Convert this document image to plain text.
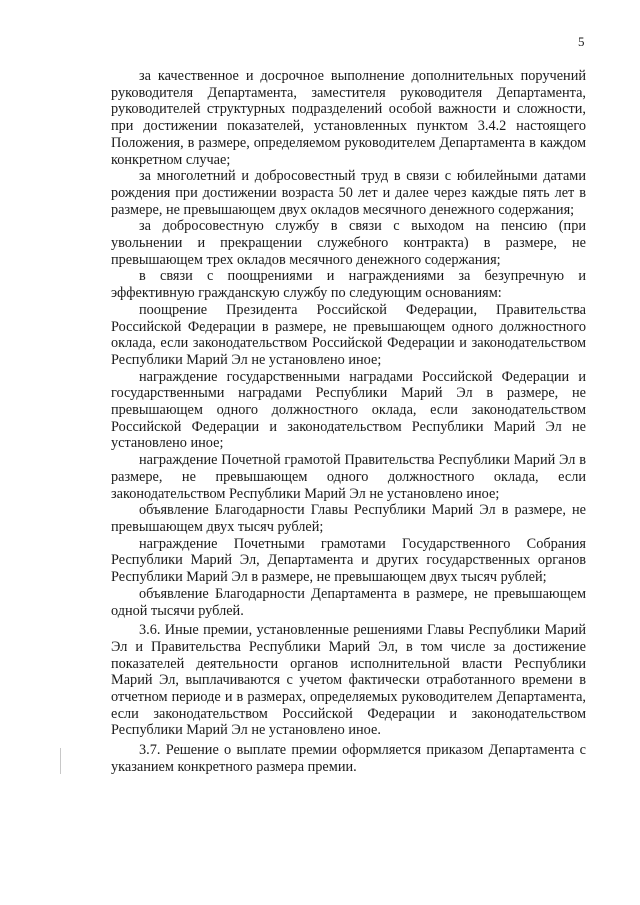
5

за качественное и досрочное выполнение дополнительных поручений руководителя Департамента, заместителя руководителя Департамента, руководителей структурных подразделений особой важности и сложности, при достижении показателей, установленных пунктом 3.4.2 настоящего Положения, в размере, определяемом руководителем Департамента в каждом конкретном случае;

за многолетний и добросовестный труд в связи с юбилейными датами рождения при достижении возраста 50 лет и далее через каждые пять лет в размере, не превышающем двух окладов месячного денежного содержания;

за добросовестную службу в связи с выходом на пенсию (при увольнении и прекращении служебного контракта) в размере, не превышающем трех окладов месячного денежного содержания;

в связи с поощрениями и награждениями за безупречную и эффективную гражданскую службу по следующим основаниям:

поощрение Президента Российской Федерации, Правительства Российской Федерации в размере, не превышающем одного должностного оклада, если законодательством Российской Федерации и законодательством Республики Марий Эл не установлено иное;

награждение государственными наградами Российской Федерации и государственными наградами Республики Марий Эл в размере, не превышающем одного должностного оклада, если законодательством Российской Федерации и законодательством Республики Марий Эл не установлено иное;

награждение Почетной грамотой Правительства Республики Марий Эл в размере, не превышающем одного должностного оклада, если законодательством Республики Марий Эл не установлено иное;

объявление Благодарности Главы Республики Марий Эл в размере, не превышающем двух тысяч рублей;

награждение Почетными грамотами Государственного Собрания Республики Марий Эл, Департамента и других государственных органов Республики Марий Эл в размере, не превышающем двух тысяч рублей;

объявление Благодарности Департамента в размере, не превышающем одной тысячи рублей.

3.6. Иные премии, установленные решениями Главы Республики Марий Эл и Правительства Республики Марий Эл, в том числе за достижение показателей деятельности органов исполнительной власти Республики Марий Эл, выплачиваются с учетом фактически отработанного времени в отчетном периоде и в размерах, определяемых руководителем Департамента, если законодательством Российской Федерации и законодательством Республики Марий Эл не установлено иное.

3.7. Решение о выплате премии оформляется приказом Департамента с указанием конкретного размера премии.
